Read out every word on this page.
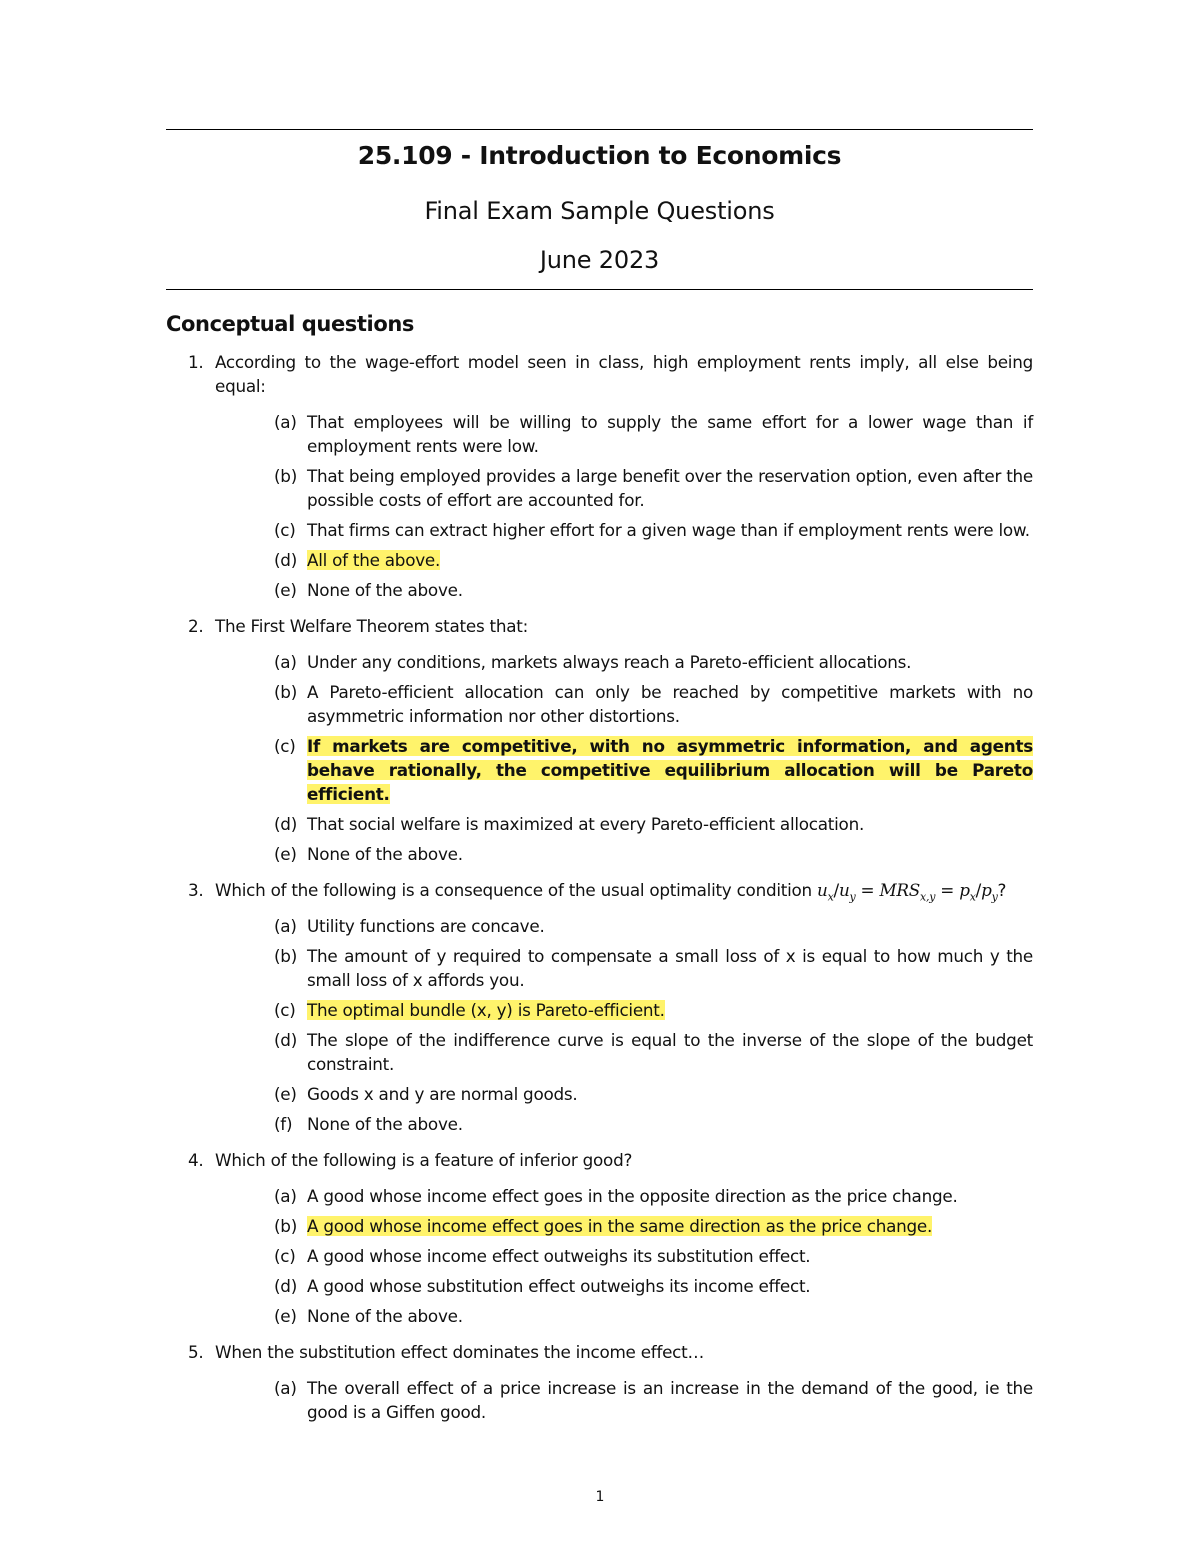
25.109 - Introduction to Economics
Final Exam Sample Questions
June 2023
Conceptual questions
1. According to the wage-effort model seen in class, high employment rents imply, all else being equal:
(a) That employees will be willing to supply the same effort for a lower wage than if employment rents were low.
(b) That being employed provides a large benefit over the reservation option, even after the possible costs of effort are accounted for.
(c) That firms can extract higher effort for a given wage than if employment rents were low.
(d) All of the above.
(e) None of the above.
2. The First Welfare Theorem states that:
(a) Under any conditions, markets always reach a Pareto-efficient allocations.
(b) A Pareto-efficient allocation can only be reached by competitive markets with no asymmetric information nor other distortions.
(c) If markets are competitive, with no asymmetric information, and agents behave rationally, the competitive equilibrium allocation will be Pareto efficient.
(d) That social welfare is maximized at every Pareto-efficient allocation.
(e) None of the above.
3. Which of the following is a consequence of the usual optimality condition $u_x/u_y = MRS_{x,y} = p_x/p_y$?
(a) Utility functions are concave.
(b) The amount of y required to compensate a small loss of x is equal to how much y the small loss of x affords you.
(c) The optimal bundle (x, y) is Pareto-efficient.
(d) The slope of the indifference curve is equal to the inverse of the slope of the budget constraint.
(e) Goods x and y are normal goods.
(f) None of the above.
4. Which of the following is a feature of inferior good?
(a) A good whose income effect goes in the opposite direction as the price change.
(b) A good whose income effect goes in the same direction as the price change.
(c) A good whose income effect outweighs its substitution effect.
(d) A good whose substitution effect outweighs its income effect.
(e) None of the above.
5. When the substitution effect dominates the income effect…
(a) The overall effect of a price increase is an increase in the demand of the good, ie the good is a Giffen good.
1
